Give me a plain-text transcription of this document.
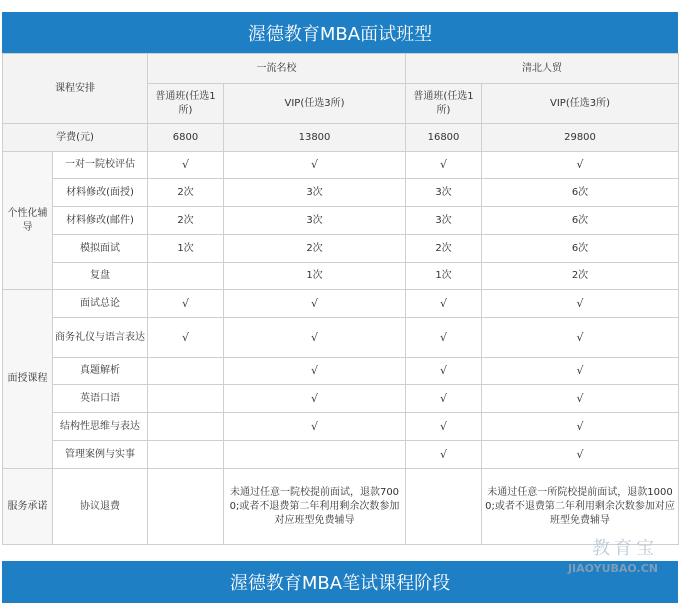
渥德教育MBA面试班型
课程安排		一流名校		清北人贸	
		普通班(任选1所)	VIP(任选3所)	普通班(任选1所)	VIP(任选3所)
学费(元)		6800	13800	16800	29800
个性化辅导	一对一院校评估	√	√	√	√
	材料修改(面授)	2次	3次	3次	6次
	材料修改(邮件)	2次	3次	3次	6次
	模拟面试	1次	2次	2次	6次
	复盘		1次	1次	2次
面授课程	面试总论	√	√	√	√
	商务礼仪与语言表达	√	√	√	√
	真题解析		√	√	√
	英语口语		√	√	√
	结构性思维与表达		√	√	√
	管理案例与实事			√	√
服务承诺	协议退费		未通过任意一院校提前面试，退款7000;或者不退费第二年利用剩余次数参加对应班型免费辅导		未通过任意一所院校提前面试，退款10000;或者不退费第二年利用剩余次数参加对应班型免费辅导
渥德教育MBA笔试课程阶段
教育宝
JIAOYUBAO.CN
